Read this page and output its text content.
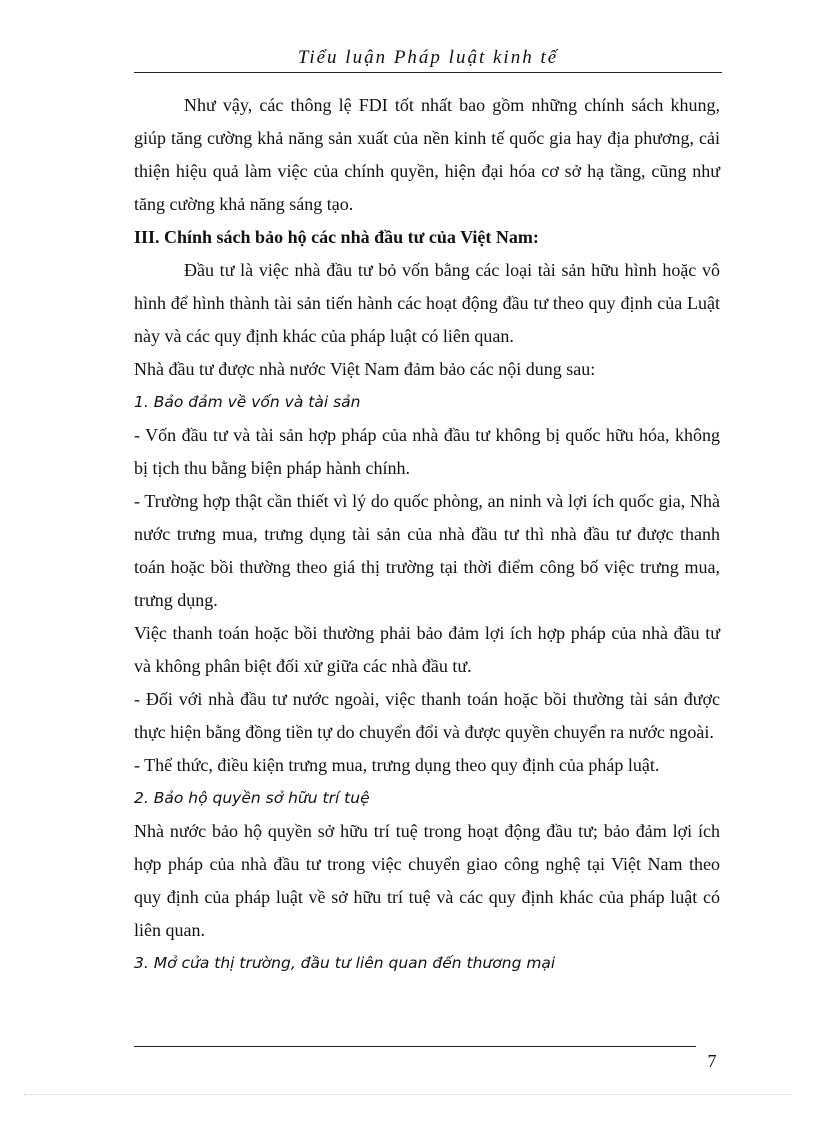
Tiểu luận Pháp luật kinh tế

Như vậy, các thông lệ FDI tốt nhất bao gồm những chính sách khung, giúp tăng cường khả năng sản xuất của nền kinh tế quốc gia hay địa phương, cải thiện hiệu quả làm việc của chính quyền, hiện đại hóa cơ sở hạ tầng, cũng như tăng cường khả năng sáng tạo.

III. Chính sách bảo hộ các nhà đầu tư của Việt Nam:

Đầu tư là việc nhà đầu tư bỏ vốn bằng các loại tài sản hữu hình hoặc vô hình để hình thành tài sản tiến hành các hoạt động đầu tư theo quy định của Luật này và các quy định khác của pháp luật có liên quan.

Nhà đầu tư được nhà nước Việt Nam đảm bảo các nội dung sau:

1. Bảo đảm về vốn và tài sản

- Vốn đầu tư và tài sản hợp pháp của nhà đầu tư không bị quốc hữu hóa, không bị tịch thu bằng biện pháp hành chính.

- Trường hợp thật cần thiết vì lý do quốc phòng, an ninh và lợi ích quốc gia, Nhà nước trưng mua, trưng dụng tài sản của nhà đầu tư thì nhà đầu tư được thanh toán hoặc bồi thường theo giá thị trường tại thời điểm công bố việc trưng mua, trưng dụng.

Việc thanh toán hoặc bồi thường phải bảo đảm lợi ích hợp pháp của nhà đầu tư và không phân biệt đối xử giữa các nhà đầu tư.

- Đối với nhà đầu tư nước ngoài, việc thanh toán hoặc bồi thường tài sản được thực hiện bằng đồng tiền tự do chuyển đổi và được quyền chuyển ra nước ngoài.

- Thể thức, điều kiện trưng mua, trưng dụng theo quy định của pháp luật.

2. Bảo hộ quyền sở hữu trí tuệ

Nhà nước bảo hộ quyền sở hữu trí tuệ trong hoạt động đầu tư; bảo đảm lợi ích hợp pháp của nhà đầu tư trong việc chuyển giao công nghệ tại Việt Nam theo quy định của pháp luật về sở hữu trí tuệ và các quy định khác của pháp luật có liên quan.

3. Mở cửa thị trường, đầu tư liên quan đến thương mại

7
